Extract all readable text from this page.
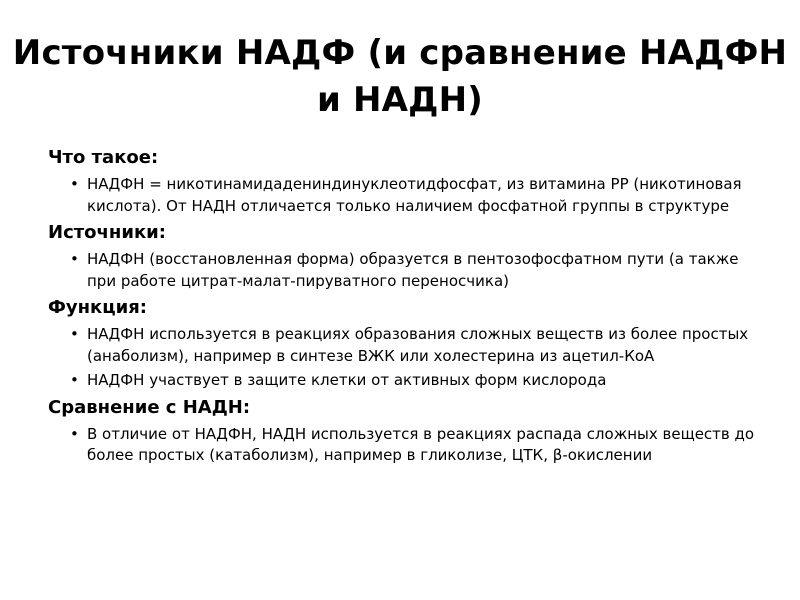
Источники НАДФ (и сравнение НАДФН и НАДН)
Что такое:
• НАДФН = никотинамидадениндинуклеотидфосфат, из витамина РР (никотиновая кислота). От НАДН отличается только наличием фосфатной группы в структуре
Источники:
• НАДФН (восстановленная форма) образуется в пентозофосфатном пути (а также при работе цитрат-малат-пируватного переносчика)
Функция:
• НАДФН используется в реакциях образования сложных веществ из более простых (анаболизм), например в синтезе ВЖК или холестерина из ацетил-КоА
• НАДФН участвует в защите клетки от активных форм кислорода
Сравнение с НАДН:
• В отличие от НАДФН, НАДН используется в реакциях распада сложных веществ до более простых (катаболизм), например в гликолизе, ЦТК, β-окислении
